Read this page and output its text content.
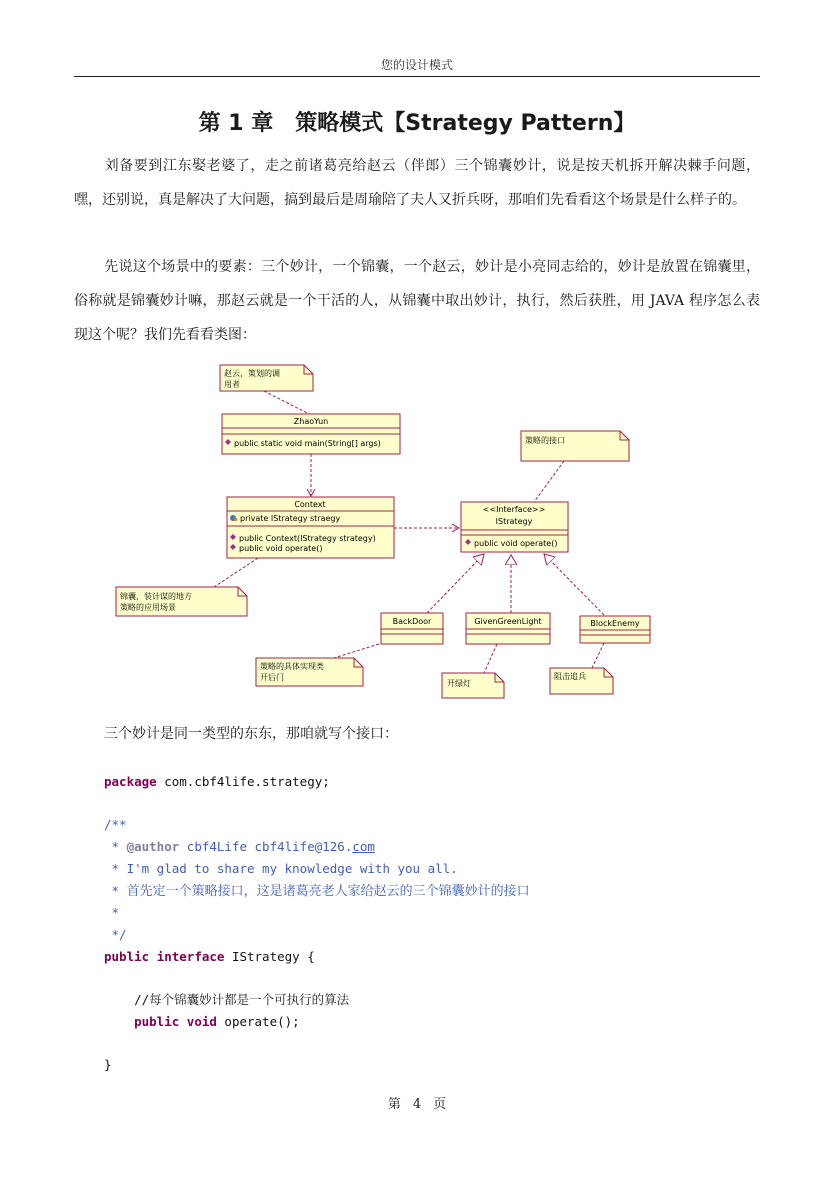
您的设计模式
第 1 章　策略模式【Strategy Pattern】

刘备要到江东娶老婆了，走之前诸葛亮给赵云（伴郎）三个锦囊妙计，说是按天机拆开解决棘手问题，嘿，还别说，真是解决了大问题，搞到最后是周瑜陪了夫人又折兵呀，那咱们先看看这个场景是什么样子的。

先说这个场景中的要素：三个妙计，一个锦囊，一个赵云，妙计是小亮同志给的，妙计是放置在锦囊里，俗称就是锦囊妙计嘛，那赵云就是一个干活的人，从锦囊中取出妙计，执行，然后获胜，用 JAVA 程序怎么表现这个呢？我们先看看类图：

赵云，策划的调
用者
ZhaoYun
public static void main(String[] args)
Context
private IStrategy straegy
public Context(IStrategy strategy)
public void operate()
锦囊，装计谋的地方
策略的应用场景
策略的接口
<<Interface>>
IStrategy
public void operate()
BackDoor	GivenGreenLight	BlockEnemy
策略的具体实现类
开后门
开绿灯
阻击追兵

三个妙计是同一类型的东东，那咱就写个接口：

package com.cbf4life.strategy;
/**
* @author cbf4Life cbf4life@126.com
* I'm glad to share my knowledge with you all.
* 首先定一个策略接口，这是诸葛亮老人家给赵云的三个锦囊妙计的接口
*
*/
public interface IStrategy {
//每个锦囊妙计都是一个可执行的算法
public void operate();
}
第 4 页
